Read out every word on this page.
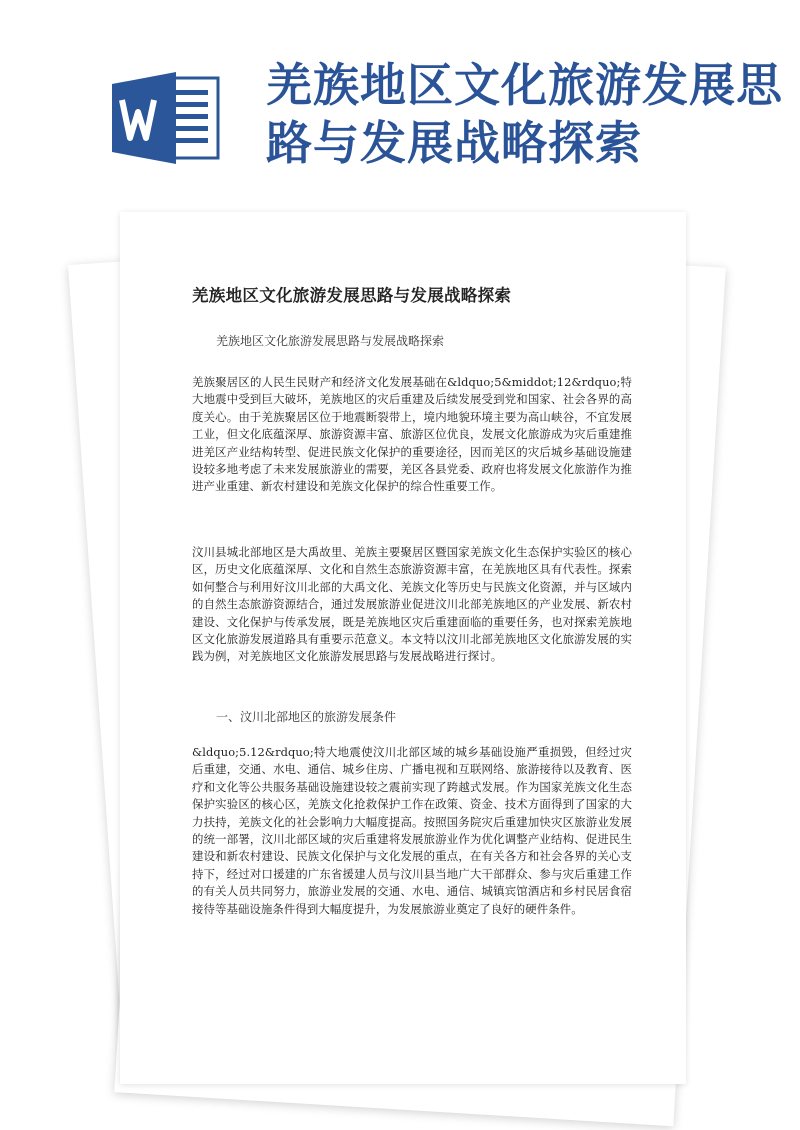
羌族地区文化旅游发展思路与发展战略探索
羌族地区文化旅游发展思路与发展战略探索
羌族地区文化旅游发展思路与发展战略探索
羌族聚居区的人民生民财产和经济文化发展基础在&ldquo;5&middot;12&rdquo;特大地震中受到巨大破坏，羌族地区的灾后重建及后续发展受到党和国家、社会各界的高度关心。由于羌族聚居区位于地震断裂带上，境内地貌环境主要为高山峡谷，不宜发展工业，但文化底蕴深厚、旅游资源丰富、旅游区位优良，发展文化旅游成为灾后重建推进羌区产业结构转型、促进民族文化保护的重要途径，因而羌区的灾后城乡基础设施建设较多地考虑了未来发展旅游业的需要，羌区各县党委、政府也将发展文化旅游作为推进产业重建、新农村建设和羌族文化保护的综合性重要工作。
汶川县城北部地区是大禹故里、羌族主要聚居区暨国家羌族文化生态保护实验区的核心区，历史文化底蕴深厚、文化和自然生态旅游资源丰富，在羌族地区具有代表性。探索如何整合与利用好汶川北部的大禹文化、羌族文化等历史与民族文化资源，并与区域内的自然生态旅游资源结合，通过发展旅游业促进汶川北部羌族地区的产业发展、新农村建设、文化保护与传承发展，既是羌族地区灾后重建面临的重要任务，也对探索羌族地区文化旅游发展道路具有重要示范意义。本文特以汶川北部羌族地区文化旅游发展的实践为例，对羌族地区文化旅游发展思路与发展战略进行探讨。
一、汶川北部地区的旅游发展条件
&ldquo;5.12&rdquo;特大地震使汶川北部区域的城乡基础设施严重损毁，但经过灾后重建，交通、水电、通信、城乡住房、广播电视和互联网络、旅游接待以及教育、医疗和文化等公共服务基础设施建设较之震前实现了跨越式发展。作为国家羌族文化生态保护实验区的核心区，羌族文化抢救保护工作在政策、资金、技术方面得到了国家的大力扶持，羌族文化的社会影响力大幅度提高。按照国务院灾后重建加快灾区旅游业发展的统一部署，汶川北部区域的灾后重建将发展旅游业作为优化调整产业结构、促进民生建设和新农村建设、民族文化保护与文化发展的重点，在有关各方和社会各界的关心支持下，经过对口援建的广东省援建人员与汶川县当地广大干部群众、参与灾后重建工作的有关人员共同努力，旅游业发展的交通、水电、通信、城镇宾馆酒店和乡村民居食宿接待等基础设施条件得到大幅度提升，为发展旅游业奠定了良好的硬件条件。
